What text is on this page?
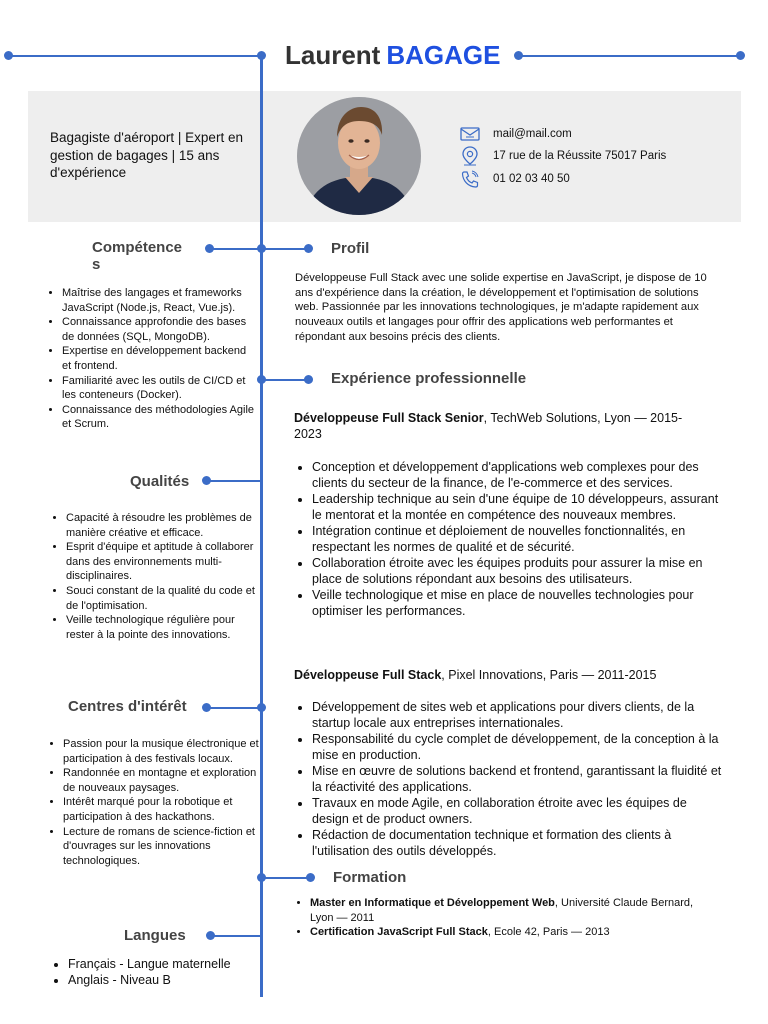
Laurent BAGAGE
Bagagiste d'aéroport | Expert en gestion de bagages | 15 ans d'expérience
mail@mail.com
17 rue de la Réussite 75017 Paris
01 02 03 40 50
Compétence s
• Maîtrise des langages et frameworks JavaScript (Node.js, React, Vue.js).
• Connaissance approfondie des bases de données (SQL, MongoDB).
• Expertise en développement backend et frontend.
• Familiarité avec les outils de CI/CD et les conteneurs (Docker).
• Connaissance des méthodologies Agile et Scrum.
Qualités
• Capacité à résoudre les problèmes de manière créative et efficace.
• Esprit d'équipe et aptitude à collaborer dans des environnements multi-disciplinaires.
• Souci constant de la qualité du code et de l'optimisation.
• Veille technologique régulière pour rester à la pointe des innovations.
Centres d'intérêt
• Passion pour la musique électronique et participation à des festivals locaux.
• Randonnée en montagne et exploration de nouveaux paysages.
• Intérêt marqué pour la robotique et participation à des hackathons.
• Lecture de romans de science-fiction et d'ouvrages sur les innovations technologiques.
Langues
• Français - Langue maternelle
• Anglais - Niveau B
Profil
Développeuse Full Stack avec une solide expertise en JavaScript, je dispose de 10 ans d'expérience dans la création, le développement et l'optimisation de solutions web. Passionnée par les innovations technologiques, je m'adapte rapidement aux nouveaux outils et langages pour offrir des applications web performantes et répondant aux besoins précis des clients.
Expérience professionnelle
Développeuse Full Stack Senior, TechWeb Solutions, Lyon — 2015-2023
• Conception et développement d'applications web complexes pour des clients du secteur de la finance, de l'e-commerce et des services.
• Leadership technique au sein d'une équipe de 10 développeurs, assurant le mentorat et la montée en compétence des nouveaux membres.
• Intégration continue et déploiement de nouvelles fonctionnalités, en respectant les normes de qualité et de sécurité.
• Collaboration étroite avec les équipes produits pour assurer la mise en place de solutions répondant aux besoins des utilisateurs.
• Veille technologique et mise en place de nouvelles technologies pour optimiser les performances.
Développeuse Full Stack, Pixel Innovations, Paris — 2011-2015
• Développement de sites web et applications pour divers clients, de la startup locale aux entreprises internationales.
• Responsabilité du cycle complet de développement, de la conception à la mise en production.
• Mise en œuvre de solutions backend et frontend, garantissant la fluidité et la réactivité des applications.
• Travaux en mode Agile, en collaboration étroite avec les équipes de design et de product owners.
• Rédaction de documentation technique et formation des clients à l'utilisation des outils développés.
Formation
• Master en Informatique et Développement Web, Université Claude Bernard, Lyon — 2011
• Certification JavaScript Full Stack, Ecole 42, Paris — 2013
